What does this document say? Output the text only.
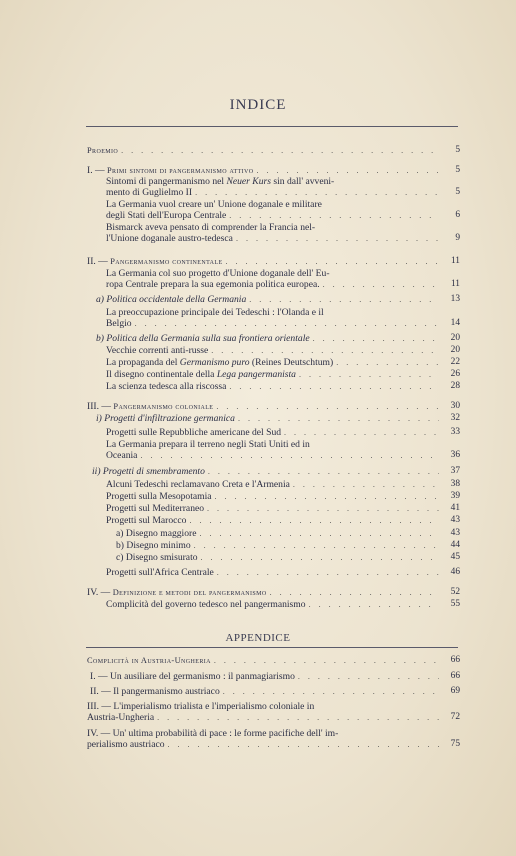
INDICE
Proemio . . .	5
I. — Primi sintomi di pangermanismo attivo . . .	5
Sintomi di pangermanismo nel Neuer Kurs sin dall' avveni-
mento di Guglielmo II . . .	5
La Germania vuol creare un' Unione doganale e militare
degli Stati dell'Europa Centrale . . .	6
Bismarck aveva pensato di comprender la Francia nel-
l'Unione doganale austro-tedesca . . .	9
II. — Pangermanismo continentale . . .	11
La Germania col suo progetto d'Unione doganale dell' Eu-
ropa Centrale prepara la sua egemonia politica europea. . . .	11
a) Politica occidentale della Germania . . .	13
La preoccupazione principale dei Tedeschi : l'Olanda e il
Belgio . . .	14
b) Politica della Germania sulla sua frontiera orientale . . .	20
Vecchie correnti anti-russe . . .	20
La propaganda del Germanismo puro (Reines Deutschtum) . . .	22
Il disegno continentale della Lega pangermanista . . .	26
La scienza tedesca alla riscossa . . .	28
III. — Pangermanismo coloniale . . .	30
i) Progetti d'infiltrazione germanica . . .	32
Progetti sulle Repubbliche americane del Sud . . .	33
La Germania prepara il terreno negli Stati Uniti ed in
Oceania . . .	36
ii) Progetti di smembramento . . .	37
Alcuni Tedeschi reclamavano Creta e l'Armenia . . .	38
Progetti sulla Mesopotamia . . .	39
Progetti sul Mediterraneo . . .	41
Progetti sul Marocco . . .	43
a) Disegno maggiore . . .	43
b) Disegno minimo . . .	44
c) Disegno smisurato . . .	45
Progetti sull'Africa Centrale . . .	46
IV. — Definizione e metodi del pangermanismo . . .	52
Complicità del governo tedesco nel pangermanismo . . .	55
APPENDICE
Complicità in Austria-Ungheria . . .	66
I. — Un ausiliare del germanismo : il panmagiarismo . . .	66
II. — Il pangermanismo austriaco . . .	69
III. — L'imperialismo trialista e l'imperialismo coloniale in
Austria-Ungheria . . .	72
IV. — Un' ultima probabilità di pace : le forme pacifiche dell' im-
perialismo austriaco . . .	75
